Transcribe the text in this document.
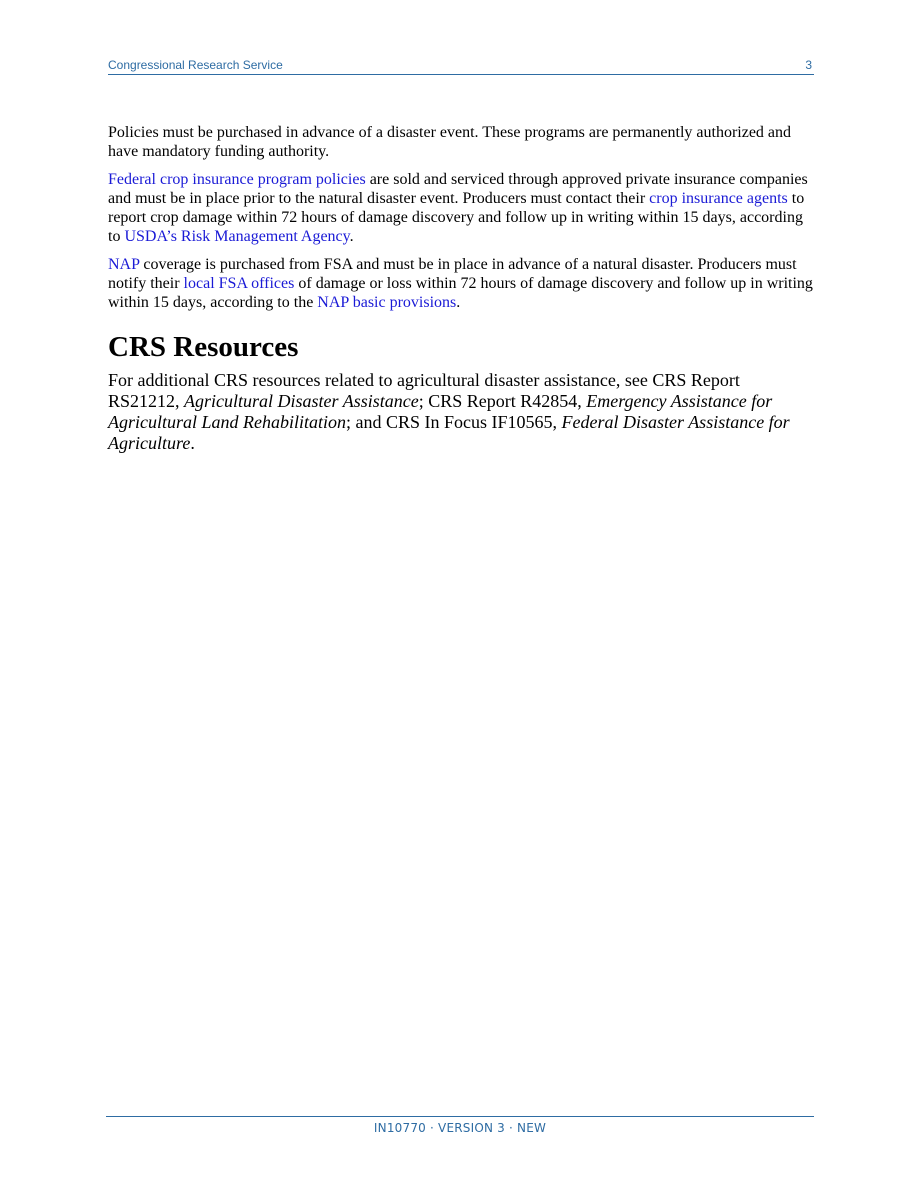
Congressional Research Service	3

Policies must be purchased in advance of a disaster event. These programs are permanently authorized and have mandatory funding authority.

Federal crop insurance program policies are sold and serviced through approved private insurance companies and must be in place prior to the natural disaster event. Producers must contact their crop insurance agents to report crop damage within 72 hours of damage discovery and follow up in writing within 15 days, according to USDA’s Risk Management Agency.

NAP coverage is purchased from FSA and must be in place in advance of a natural disaster. Producers must notify their local FSA offices of damage or loss within 72 hours of damage discovery and follow up in writing within 15 days, according to the NAP basic provisions.

CRS Resources

For additional CRS resources related to agricultural disaster assistance, see CRS Report RS21212, Agricultural Disaster Assistance; CRS Report R42854, Emergency Assistance for Agricultural Land Rehabilitation; and CRS In Focus IF10565, Federal Disaster Assistance for Agriculture.

IN10770 · VERSION 3 · NEW
